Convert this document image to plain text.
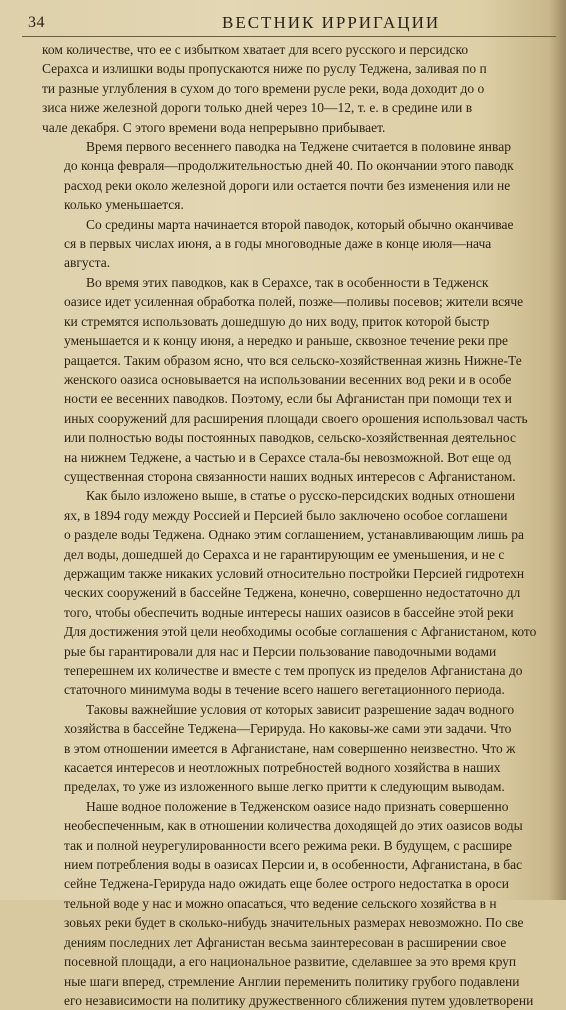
34	ВЕСТНИК ИРРИГАЦИИ

ком количестве, что ее с избытком хватает для всего русского и персидско
Серахса и излишки воды пропускаются ниже по руслу Теджена, заливая по п
ти разные углубления в сухом до того времени русле реки, вода доходит до о
зиса ниже железной дороги только дней через 10—12, т. е. в средине или в
чале декабря. С этого времени вода непрерывно прибывает.

Время первого весеннего паводка на Теджене считается в половине январ
до конца февраля—продолжительностью дней 40. По окончании этого паводк
расход реки около железной дороги или остается почти без изменения или не
колько уменьшается.

Со средины марта начинается второй паводок, который обычно оканчивае
ся в первых числах июня, а в годы многоводные даже в конце июля—нача
августа.

Во время этих паводков, как в Серахсе, так в особенности в Тедженск
оазисе идет усиленная обработка полей, позже—поливы посевов; жители всяче
ки стремятся использовать дошедшую до них воду, приток которой быстр
уменьшается и к концу июня, а нередко и раньше, сквозное течение реки пре
ращается. Таким образом ясно, что вся сельско-хозяйственная жизнь Нижне-Те
женского оазиса основывается на использовании весенних вод реки и в особе
ности ее весенних паводков. Поэтому, если бы Афганистан при помощи тех и
иных сооружений для расширения площади своего орошения использовал часть
или полностью воды постоянных паводков, сельско-хозяйственная деятельнос
на нижнем Теджене, а частью и в Серахсе стала-бы невозможной. Вот еще од
существенная сторона связанности наших водных интересов с Афганистаном.

Как было изложено выше, в статье о русско-персидских водных отношени
ях, в 1894 году между Россией и Персией было заключено особое соглашени
о разделе воды Теджена. Однако этим соглашением, устанавливающим лишь ра
дел воды, дошедшей до Серахса и не гарантирующим ее уменьшения, и не с
держащим также никаких условий относительно постройки Персией гидротехн
ческих сооружений в бассейне Теджена, конечно, совершенно недостаточно дл
того, чтобы обеспечить водные интересы наших оазисов в бассейне этой реки
Для достижения этой цели необходимы особые соглашения с Афганистаном, кото
рые бы гарантировали для нас и Персии пользование паводочными водами
теперешнем их количестве и вместе с тем пропуск из пределов Афганистана до
статочного минимума воды в течение всего нашего вегетационного периода.

Таковы важнейшие условия от которых зависит разрешение задач водного
хозяйства в бассейне Теджена—Герируда. Но каковы-же сами эти задачи. Что
в этом отношении имеется в Афганистане, нам совершенно неизвестно. Что ж
касается интересов и неотложных потребностей водного хозяйства в наших
пределах, то уже из изложенного выше легко притти к следующим выводам.

Наше водное положение в Тедженском оазисе надо признать совершенно
необеспеченным, как в отношении количества доходящей до этих оазисов воды
так и полной неурегулированности всего режима реки. В будущем, с расшире
нием потребления воды в оазисах Персии и, в особенности, Афганистана, в бас
сейне Теджена-Герируда надо ожидать еще более острого недостатка в ороси
тельной воде у нас и можно опасаться, что ведение сельского хозяйства в н
зовьях реки будет в сколько-нибудь значительных размерах невозможно. По све
дениям последних лет Афганистан весьма заинтересован в расширении свое
посевной площади, а его национальное развитие, сделавшее за это время круп
ные шаги вперед, стремление Англии переменить политику грубого подавлени
его независимости на политику дружественного сближения путем удовлетворени
